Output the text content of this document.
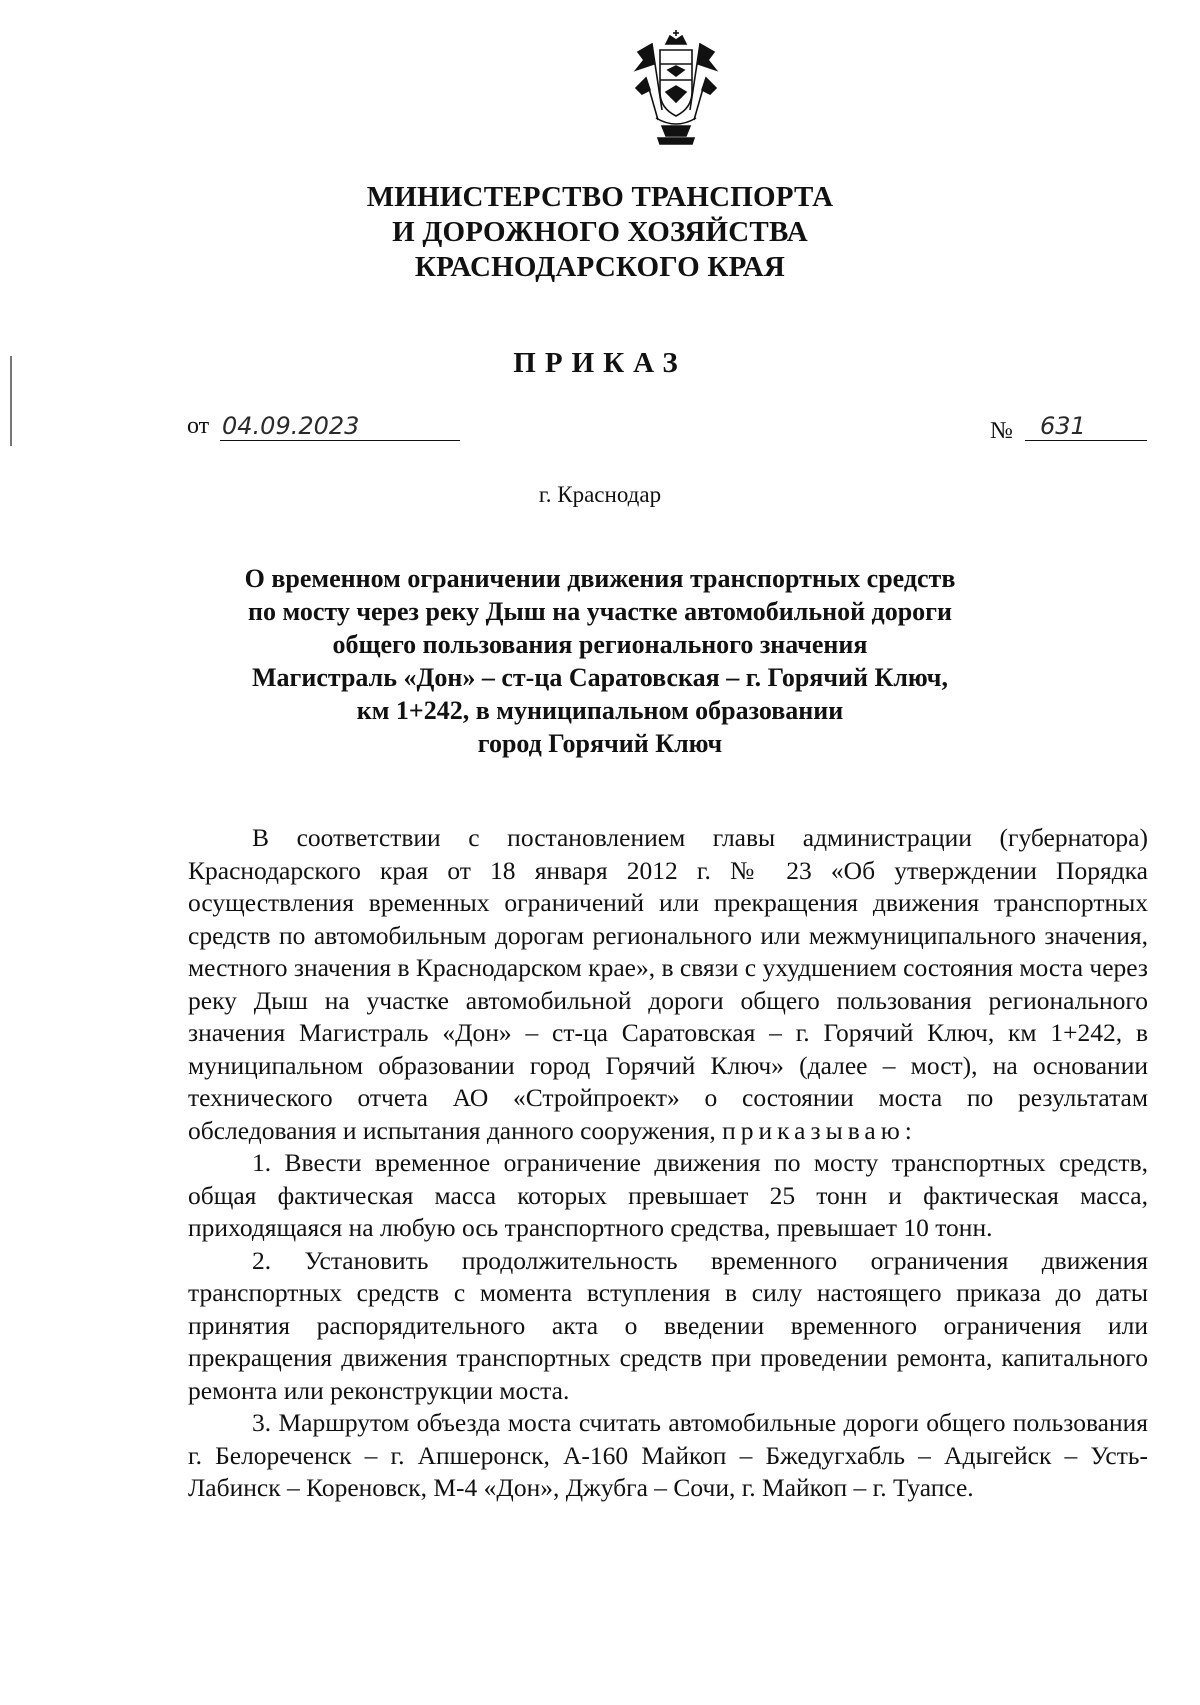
МИНИСТЕРСТВО ТРАНСПОРТА
И ДОРОЖНОГО ХОЗЯЙСТВА
КРАСНОДАРСКОГО КРАЯ
ПРИКАЗ
от 04.09.2023	№ 631
г. Краснодар
О временном ограничении движения транспортных средств
по мосту через реку Дыш на участке автомобильной дороги
общего пользования регионального значения
Магистраль «Дон» – ст-ца Саратовская – г. Горячий Ключ,
км 1+242, в муниципальном образовании
город Горячий Ключ

В соответствии с постановлением главы администрации (губернатора) Краснодарского края от 18 января 2012 г. № 23 «Об утверждении Порядка осуществления временных ограничений или прекращения движения транспортных средств по автомобильным дорогам регионального или межмуниципального значения, местного значения в Краснодарском крае», в связи с ухудшением состояния моста через реку Дыш на участке автомобильной дороги общего пользования регионального значения Магистраль «Дон» – ст-ца Саратовская – г. Горячий Ключ, км 1+242, в муниципальном образовании город Горячий Ключ» (далее – мост), на основании технического отчета АО «Стройпроект» о состоянии моста по результатам обследования и испытания данного сооружения, приказываю:

1. Ввести временное ограничение движения по мосту транспортных средств, общая фактическая масса которых превышает 25 тонн и фактическая масса, приходящаяся на любую ось транспортного средства, превышает 10 тонн.

2. Установить продолжительность временного ограничения движения транспортных средств с момента вступления в силу настоящего приказа до даты принятия распорядительного акта о введении временного ограничения или прекращения движения транспортных средств при проведении ремонта, капитального ремонта или реконструкции моста.

3. Маршрутом объезда моста считать автомобильные дороги общего пользования г. Белореченск – г. Апшеронск, А-160 Майкоп – Бжедугхабль – Адыгейск – Усть-Лабинск – Кореновск, М-4 «Дон», Джубга – Сочи, г. Майкоп – г. Туапсе.
